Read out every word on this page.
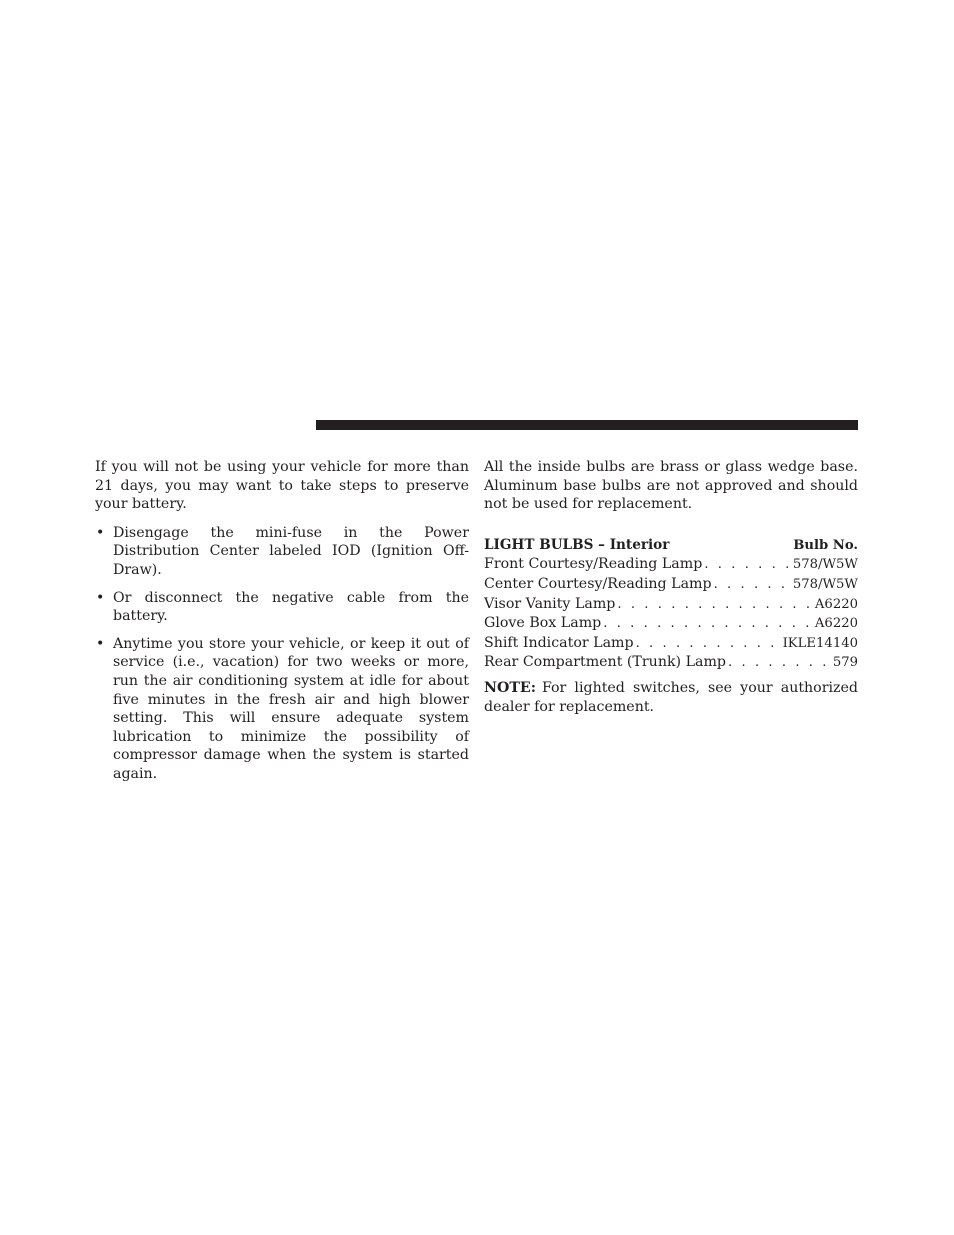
If you will not be using your vehicle for more than 21 days, you may want to take steps to preserve your battery.

• Disengage the mini-fuse in the Power Distribution Center labeled IOD (Ignition Off-Draw).
• Or disconnect the negative cable from the battery.
• Anytime you store your vehicle, or keep it out of service (i.e., vacation) for two weeks or more, run the air conditioning system at idle for about five minutes in the fresh air and high blower setting. This will ensure adequate system lubrication to minimize the possibility of compressor damage when the system is started again.

All the inside bulbs are brass or glass wedge base. Aluminum base bulbs are not approved and should not be used for replacement.

LIGHT BULBS – Interior	Bulb No.
Front Courtesy/Reading Lamp . . .	578/W5W
Center Courtesy/Reading Lamp . . .	578/W5W
Visor Vanity Lamp . . .	A6220
Glove Box Lamp . . .	A6220
Shift Indicator Lamp . . .	IKLE14140
Rear Compartment (Trunk) Lamp . . .	579

NOTE: For lighted switches, see your authorized dealer for replacement.
